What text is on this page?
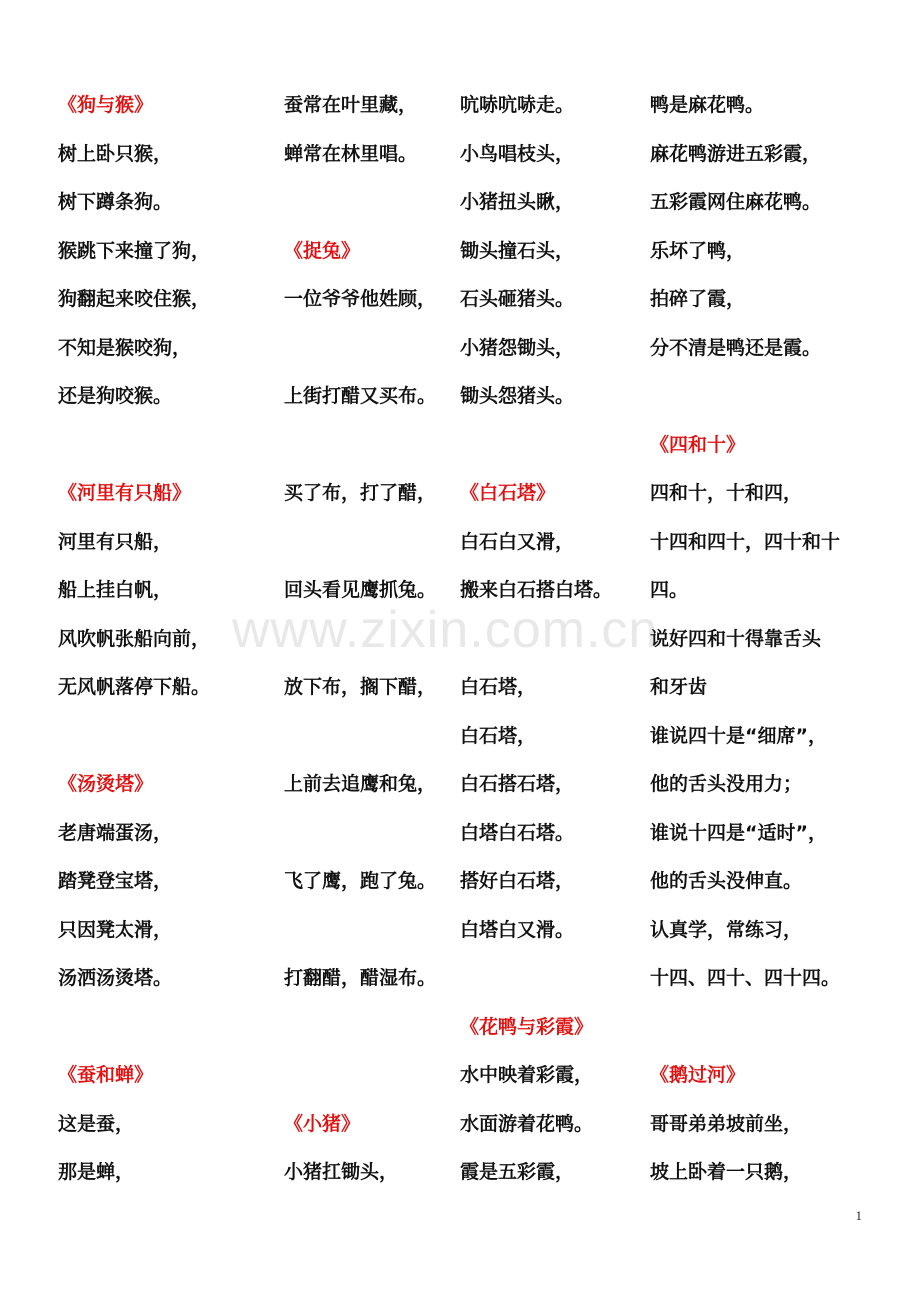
《狗与猴》
树上卧只猴，
树下蹲条狗。
猴跳下来撞了狗，
狗翻起来咬住猴，
不知是猴咬狗，
还是狗咬猴。
《河里有只船》
河里有只船，
船上挂白帆，
风吹帆张船向前，
无风帆落停下船。
《汤烫塔》
老唐端蛋汤，
踏凳登宝塔，
只因凳太滑，
汤洒汤烫塔。
《蚕和蝉》
这是蚕，
那是蝉，
蚕常在叶里藏，
蝉常在林里唱。
《捉兔》
一位爷爷他姓顾，
上街打醋又买布。
买了布，打了醋，
回头看见鹰抓兔。
放下布，搁下醋，
上前去追鹰和兔，
飞了鹰，跑了兔。
打翻醋，醋湿布。
《小猪》
小猪扛锄头，
吭哧吭哧走。
小鸟唱枝头，
小猪扭头瞅，
锄头撞石头，
石头砸猪头。
小猪怨锄头，
锄头怨猪头。
《白石塔》
白石白又滑，
搬来白石搭白塔。
白石塔，
白石塔，
白石搭石塔，
白塔白石塔。
搭好白石塔，
白塔白又滑。
《花鸭与彩霞》
水中映着彩霞，
水面游着花鸭。
霞是五彩霞，
鸭是麻花鸭。
麻花鸭游进五彩霞，
五彩霞网住麻花鸭。
乐坏了鸭，
拍碎了霞，
分不清是鸭还是霞。
《四和十》
四和十，十和四，
十四和四十，四十和十
四。
说好四和十得靠舌头
和牙齿
谁说四十是“细席”，
他的舌头没用力；
谁说十四是“适时”，
他的舌头没伸直。
认真学，常练习，
十四、四十、四十四。
《鹅过河》
哥哥弟弟坡前坐，
坡上卧着一只鹅，
www.zixin.com.cn
1
